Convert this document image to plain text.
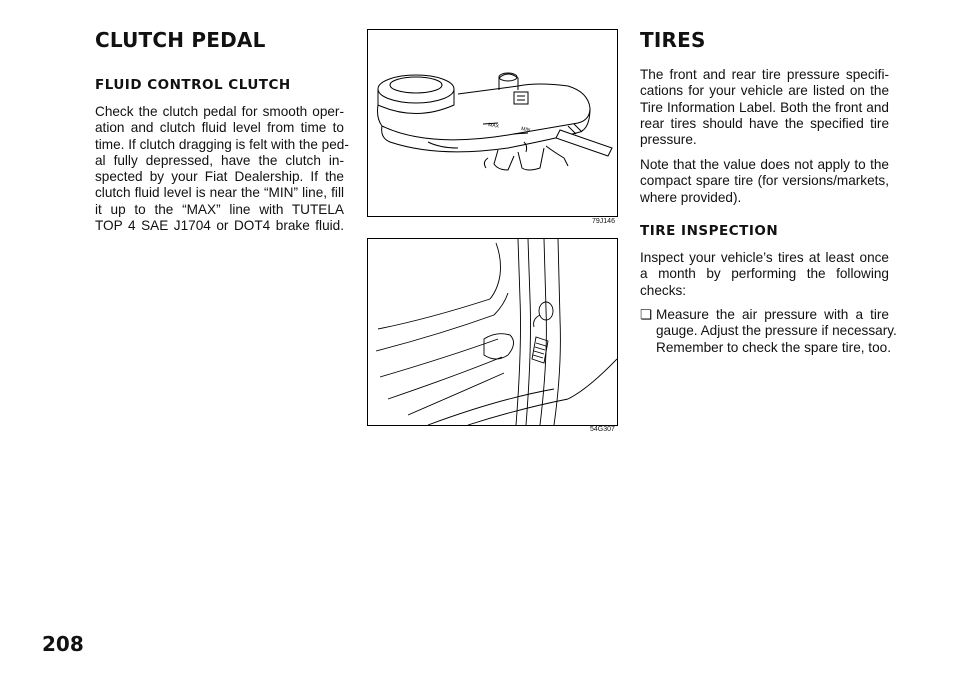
CLUTCH PEDAL
FLUID CONTROL CLUTCH
Check the clutch pedal for smooth oper-
ation and clutch fluid level from time to
time. If clutch dragging is felt with the ped-
al fully depressed, have the clutch in-
spected by your Fiat Dealership. If the
clutch fluid level is near the “MIN” line, fill
it up to the “MAX” line with TUTELA
TOP 4 SAE J1704 or DOT4 brake fluid.
MAX	MIN
79J146
54G307
TIRES
The front and rear tire pressure specifi-
cations for your vehicle are listed on the
Tire Information Label. Both the front and
rear tires should have the specified tire
pressure.
Note that the value does not apply to the
compact spare tire (for versions/markets,
where provided).
TIRE INSPECTION
Inspect your vehicle’s tires at least once
a month by performing the following
checks:
❏ Measure the air pressure with a tire
gauge. Adjust the pressure if necessary.
Remember to check the spare tire, too.
208
